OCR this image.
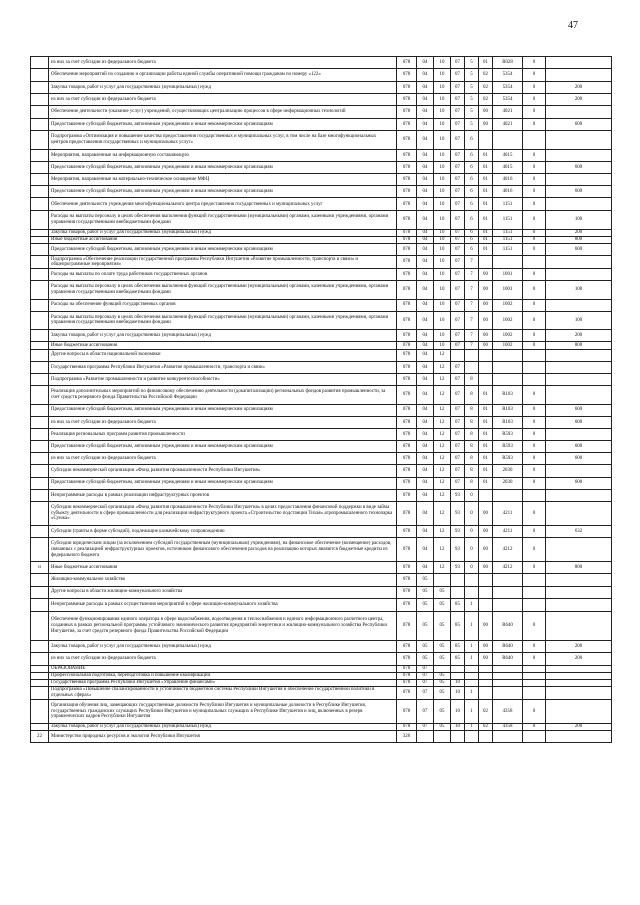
47
	из них за счет субсидии из федерального бюджета	078	04	10	07	5	01	R028	0		
	Обеспечение мероприятий по созданию и организации работы единой службы оперативной помощи гражданам по номеру «122»	078	04	10	07	5	02	5354	0		
	Закупка товаров, работ и услуг для государственных (муниципальных) нужд	078	04	10	07	5	02	5354	0	200	
	из них за счет субсидии из федерального бюджета	078	04	10	07	5	02	5354	0	200	
	Обеспечение деятельности (оказание услуг) учреждений, осуществляющих централизацию процессов в сфере информационных технологий	078	04	10	07	5	00	4021	0		
	Предоставление субсидий бюджетным, автономным учреждениям и иным некоммерческим организациям	078	04	10	07	5	00	4021	0	600	
	Подпрограмма «Оптимизация и повышение качества предоставления государственных и муниципальных услуг, в том числе на базе многофункциональных центров предоставления государственных и муниципальных услуг»	078	04	10	07	6					
	Мероприятия, направленные на информационную составляющую	078	04	10	07	6	01	4015	0		
	Предоставление субсидий бюджетным, автономным учреждениям и иным некоммерческим организациям	078	04	10	07	6	01	4015	0	600	
	Мероприятия, направленные на материально-техническое оснащение МФЦ	078	04	10	07	6	01	4016	0		
	Предоставление субсидий бюджетным, автономным учреждениям и иным некоммерческим организациям	078	04	10	07	6	01	4016	0	600	
	Обеспечение деятельности учреждения многофункционального центра предоставления государственных и муниципальных услуг	078	04	10	07	6	01	1151	0		
	Расходы на выплаты персоналу в целях обеспечения выполнения функций государственными (муниципальными) органами, казенными учреждениями, органами управления государственными внебюджетными фондами	078	04	10	07	6	01	1151	0	100	
	Закупка товаров, работ и услуг для государственных (муниципальных) нужд	078	04	10	07	6	01	1151	0	200	
	Иные бюджетные ассигнования	078	04	10	07	6	01	1151	0	800	
	Предоставление субсидий бюджетным, автономным учреждениям и иным некоммерческим организациям	078	04	10	07	6	01	1151	0	600	
	Подпрограмма «Обеспечение реализации государственной программы Республики Ингушетия «Развитие промышленности, транспорта и связи» и общепрограммные мероприятия»	078	04	10	07	7					
	Расходы на выплаты по оплате труда работников государственных органов	078	04	10	07	7	00	1001	0		
	Расходы на выплаты персоналу в целях обеспечения выполнения функций государственными (муниципальными) органами, казенными учреждениями, органами управления государственными внебюджетными фондами	078	04	10	07	7	00	1001	0	100	
	Расходы на обеспечение функций государственных органов	078	04	10	07	7	00	1002	0		
	Расходы на выплаты персоналу в целях обеспечения выполнения функций государственными (муниципальными) органами, казенными учреждениями, органами управления государственными внебюджетными фондами	078	04	10	07	7	00	1002	0	100	
	Закупка товаров, работ и услуг для государственных (муниципальных) нужд	078	04	10	07	7	00	1002	0	200	
	Иные бюджетные ассигнования	078	04	10	07	7	00	1002	0	800	
	Другие вопросы в области национальной экономики	078	04	12							
	Государственная программа Республики Ингушетия «Развитие промышленности, транспорта и связи»	078	04	12	07						
	Подпрограмма «Развитие промышленности и развитие конкурентоспособности»	078	04	12	07	8					
	Реализация дополнительных мероприятий по финансовому обеспечению деятельности (докапитализации) региональных фондов развития промышленности, за счет средств резервного фонда Правительства Российской Федерации	078	04	12	07	8	01	R103	0		
	Предоставление субсидий бюджетным, автономным учреждениям и иным некоммерческим организациям	078	04	12	07	8	01	R103	0	600	
	из них за счет субсидии из федерального бюджета	078	04	12	07	8	01	R103	0	600	
	Реализация региональных программ развития промышленности	078	04	12	07	8	01	R593	0		
	Предоставление субсидий бюджетным, автономным учреждениям и иным некоммерческим организациям	078	04	12	07	8	01	R593	0	600	
	из них за счет субсидии из федерального бюджета	078	04	12	07	8	01	R593	0	600	
	Субсидии некоммерческой организации «Фонд развития промышленности Республики Ингушетия»	078	04	12	07	8	01	2030	0		
	Предоставление субсидий бюджетным, автономным учреждениям и иным некоммерческим организациям	078	04	12	07	8	01	2030	0	600	
	Непрограммные расходы в рамках реализации инфраструктурных проектов	078	04	12	93	0					
	Субсидии некоммерческой организации «Фонд развития промышленности Республики Ингушетия» в целях предоставления финансовой поддержки в виде займа субъекту деятельности в сфере промышленности для реализации инфраструктурного проекта «Строительство подстанции Тихая» агропромышленного технопарка «Сунжа»	078	04	12	93	0	00	4211	0		
	Субсидии (гранты в форме субсидий), подлежащие казначейскому сопровождению	078	04	12	93	0	00	4211	0	632	
	Субсидии юридическим лицам (за исключением субсидий государственным (муниципальным) учреждениям), на финансовое обеспечение (возмещение) расходов, связанных с реализацией инфраструктурных проектов, источником финансового обеспечения расходов на реализацию которых являются бюджетные кредиты из федерального бюджета	078	04	12	93	0	00	4212	0		
и	Иные бюджетные ассигнования	078	04	12	93	0	00	4212	0	800	
	Жилищно-коммунальное хозяйство	078	05								
	Другие вопросы в области жилищно-коммунального хозяйства	078	05	05							
	Непрограммные расходы в рамках осуществления мероприятий в сфере жилищно-коммунального хозяйства	078	05	05	85	1					
	Обеспечение функционирования единого оператора в сфере водоснабжения, водоотведения и теплоснабжения и единого информационного расчетного центра, созданных в рамках региональной программы устойчивого экономического развития предприятий энергетики и жилищно-коммунального хозяйства Республики Ингушетия, за счет средств резервного фонда Правительства Российской Федерации	078	05	05	85	1	00	R640	0		
	Закупка товаров, работ и услуг для государственных (муниципальных) нужд	078	05	05	85	1	00	R640	0	200	
	из них за счет субсидии из федерального бюджета	078	05	05	85	1	00	R640	0	200	
	ОБРАЗОВАНИЕ	078	07								
	Профессиональная подготовка, переподготовка и повышение квалификации	078	07	05							
	Государственная программа Республики Ингушетия «Управление финансами»	078	07	05	10						
	Подпрограмма «Повышение сбалансированности и устойчивости бюджетной системы Республики Ингушетия и обеспечение государственной политики в отдельных сферах»	078	07	05	10	1					
	Организация обучения лиц, замещающих государственные должности Республики Ингушетия и муниципальные должности в Республике Ингушетия, государственных гражданских служащих Республики Ингушетия и муниципальных служащих в Республике Ингушетия и лиц, включенных в резерв управленческих кадров Республики Ингушетия	078	07	05	10	1	02	4358	0		
	Закупка товаров, работ и услуг для государственных (муниципальных) нужд	078	07	05	10	1	02	4358	0	200	
22	Министерство природных ресурсов и экологии Республики Ингушетия	326									
